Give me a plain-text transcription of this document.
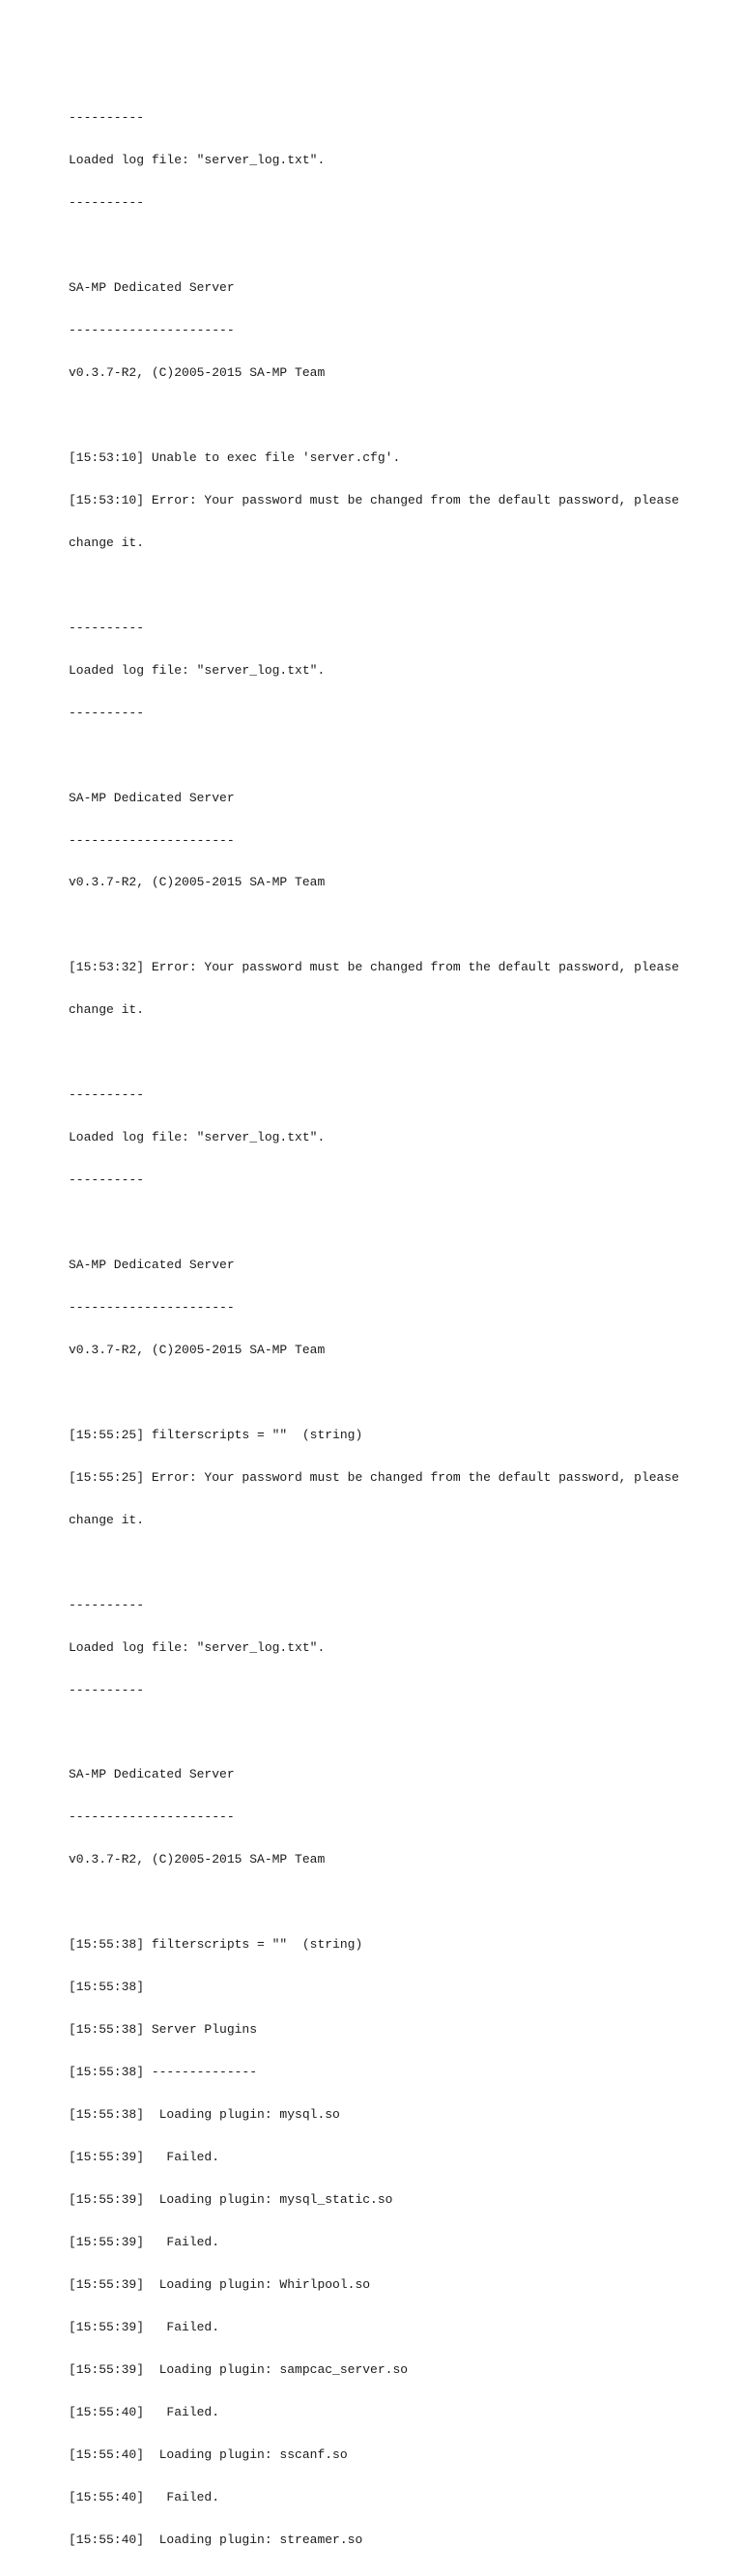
----------

Loaded log file: "server_log.txt".

----------

SA-MP Dedicated Server

----------------------

v0.3.7-R2, (C)2005-2015 SA-MP Team

[15:53:10] Unable to exec file 'server.cfg'.

[15:53:10] Error: Your password must be changed from the default password, please

change it.

----------

Loaded log file: "server_log.txt".

----------

SA-MP Dedicated Server

----------------------

v0.3.7-R2, (C)2005-2015 SA-MP Team

[15:53:32] Error: Your password must be changed from the default password, please

change it.

----------

Loaded log file: "server_log.txt".

----------

SA-MP Dedicated Server

----------------------

v0.3.7-R2, (C)2005-2015 SA-MP Team

[15:55:25] filterscripts = ""  (string)

[15:55:25] Error: Your password must be changed from the default password, please

change it.

----------

Loaded log file: "server_log.txt".

----------

SA-MP Dedicated Server

----------------------

v0.3.7-R2, (C)2005-2015 SA-MP Team

[15:55:38] filterscripts = ""  (string)

[15:55:38]

[15:55:38] Server Plugins

[15:55:38] --------------

[15:55:38]  Loading plugin: mysql.so

[15:55:39]   Failed.

[15:55:39]  Loading plugin: mysql_static.so

[15:55:39]   Failed.

[15:55:39]  Loading plugin: Whirlpool.so

[15:55:39]   Failed.

[15:55:39]  Loading plugin: sampcac_server.so

[15:55:40]   Failed.

[15:55:40]  Loading plugin: sscanf.so

[15:55:40]   Failed.

[15:55:40]  Loading plugin: streamer.so
